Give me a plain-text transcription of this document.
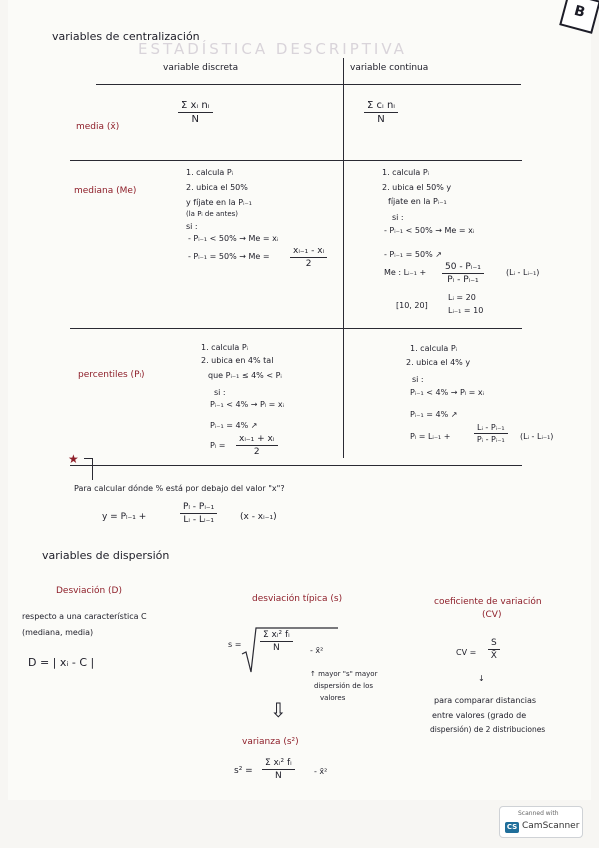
ESTADÍSTICA DESCRIPTIVA
B
variables de centralización
variable discreta	variable continua
media (x̄)
$\frac{\text{Σ xᵢ nᵢ}}{N}$	$\frac{\text{Σ cᵢ nᵢ}}{N}$
mediana (Me)
1. calcula Pᵢ
2. ubica el 50%
y fíjate en la Pᵢ₋₁
(la Pᵢ de antes)
si :
- Pᵢ₋₁ < 50% → Me = xᵢ
- Pᵢ₋₁ = $50\% \to Me = \frac{\text{xᵢ₋₁ - xᵢ}}{2}$
1. calcula Pᵢ
2. ubica el 50% y
fíjate en la Pᵢ₋₁
si :
- Pᵢ₋₁ < 50% → Me = xᵢ
- Pᵢ₋₁ = 50% ↗
Me : Lᵢ₋₁ + $\frac{\text{50 - Pᵢ₋₁}}{\text{Pᵢ - Pᵢ₋₁}}$	(Lᵢ - Lᵢ₋₁)
[10, 20]
Lᵢ = 20
Lᵢ₋₁ = 10
percentiles (Pₗ)
1. calcula Pᵢ
2. ubica en 4% tal
que Pᵢ₋₁ ≤ 4% < Pᵢ
si :
Pᵢ₋₁ < 4% → Pₗ = xᵢ
Pᵢ₋₁ = 4% ↗
$P_l = \frac{\text{xᵢ₋₁ + xᵢ}}{2}$
1. calcula Pᵢ
2. ubica el 4% y
si :
Pᵢ₋₁ < 4% → Pₗ = xᵢ
Pᵢ₋₁ = 4% ↗
Pₗ = Lᵢ₋₁ +	$\frac{\text{Lᵢ - Pᵢ₋₁}}{\text{Pᵢ - Pᵢ₋₁}}$ (Lᵢ - Lᵢ₋₁)
★
Para calcular dónde % está por debajo del valor "x"?
y = Pₗ₋₁ +	$\frac{\text{Pₗ - Pᵢ₋₁}}{\text{Lᵢ - Lᵢ₋₁}}$	(x - xᵢ₋₁)
variables de dispersión
Desviación (D)
respecto a una característica C
(mediana, media)
D = | xᵢ - C |
desviación típica (s)
$s = \frac{\text{Σ xᵢ² fᵢ}}{N}$ - x̄²
↑ mayor "s" mayor
dispersión de los
valores
⇩
varianza (s²)
$s^2 = \frac{\text{Σ xᵢ² fᵢ}}{N}$ - x̄²
coeficiente de variación
(CV)
CV = $\frac{S}{X̄}$
↓
para comparar distancias
entre valores (grado de
dispersión) de 2 distribuciones
Scanned with
CS CamScanner
